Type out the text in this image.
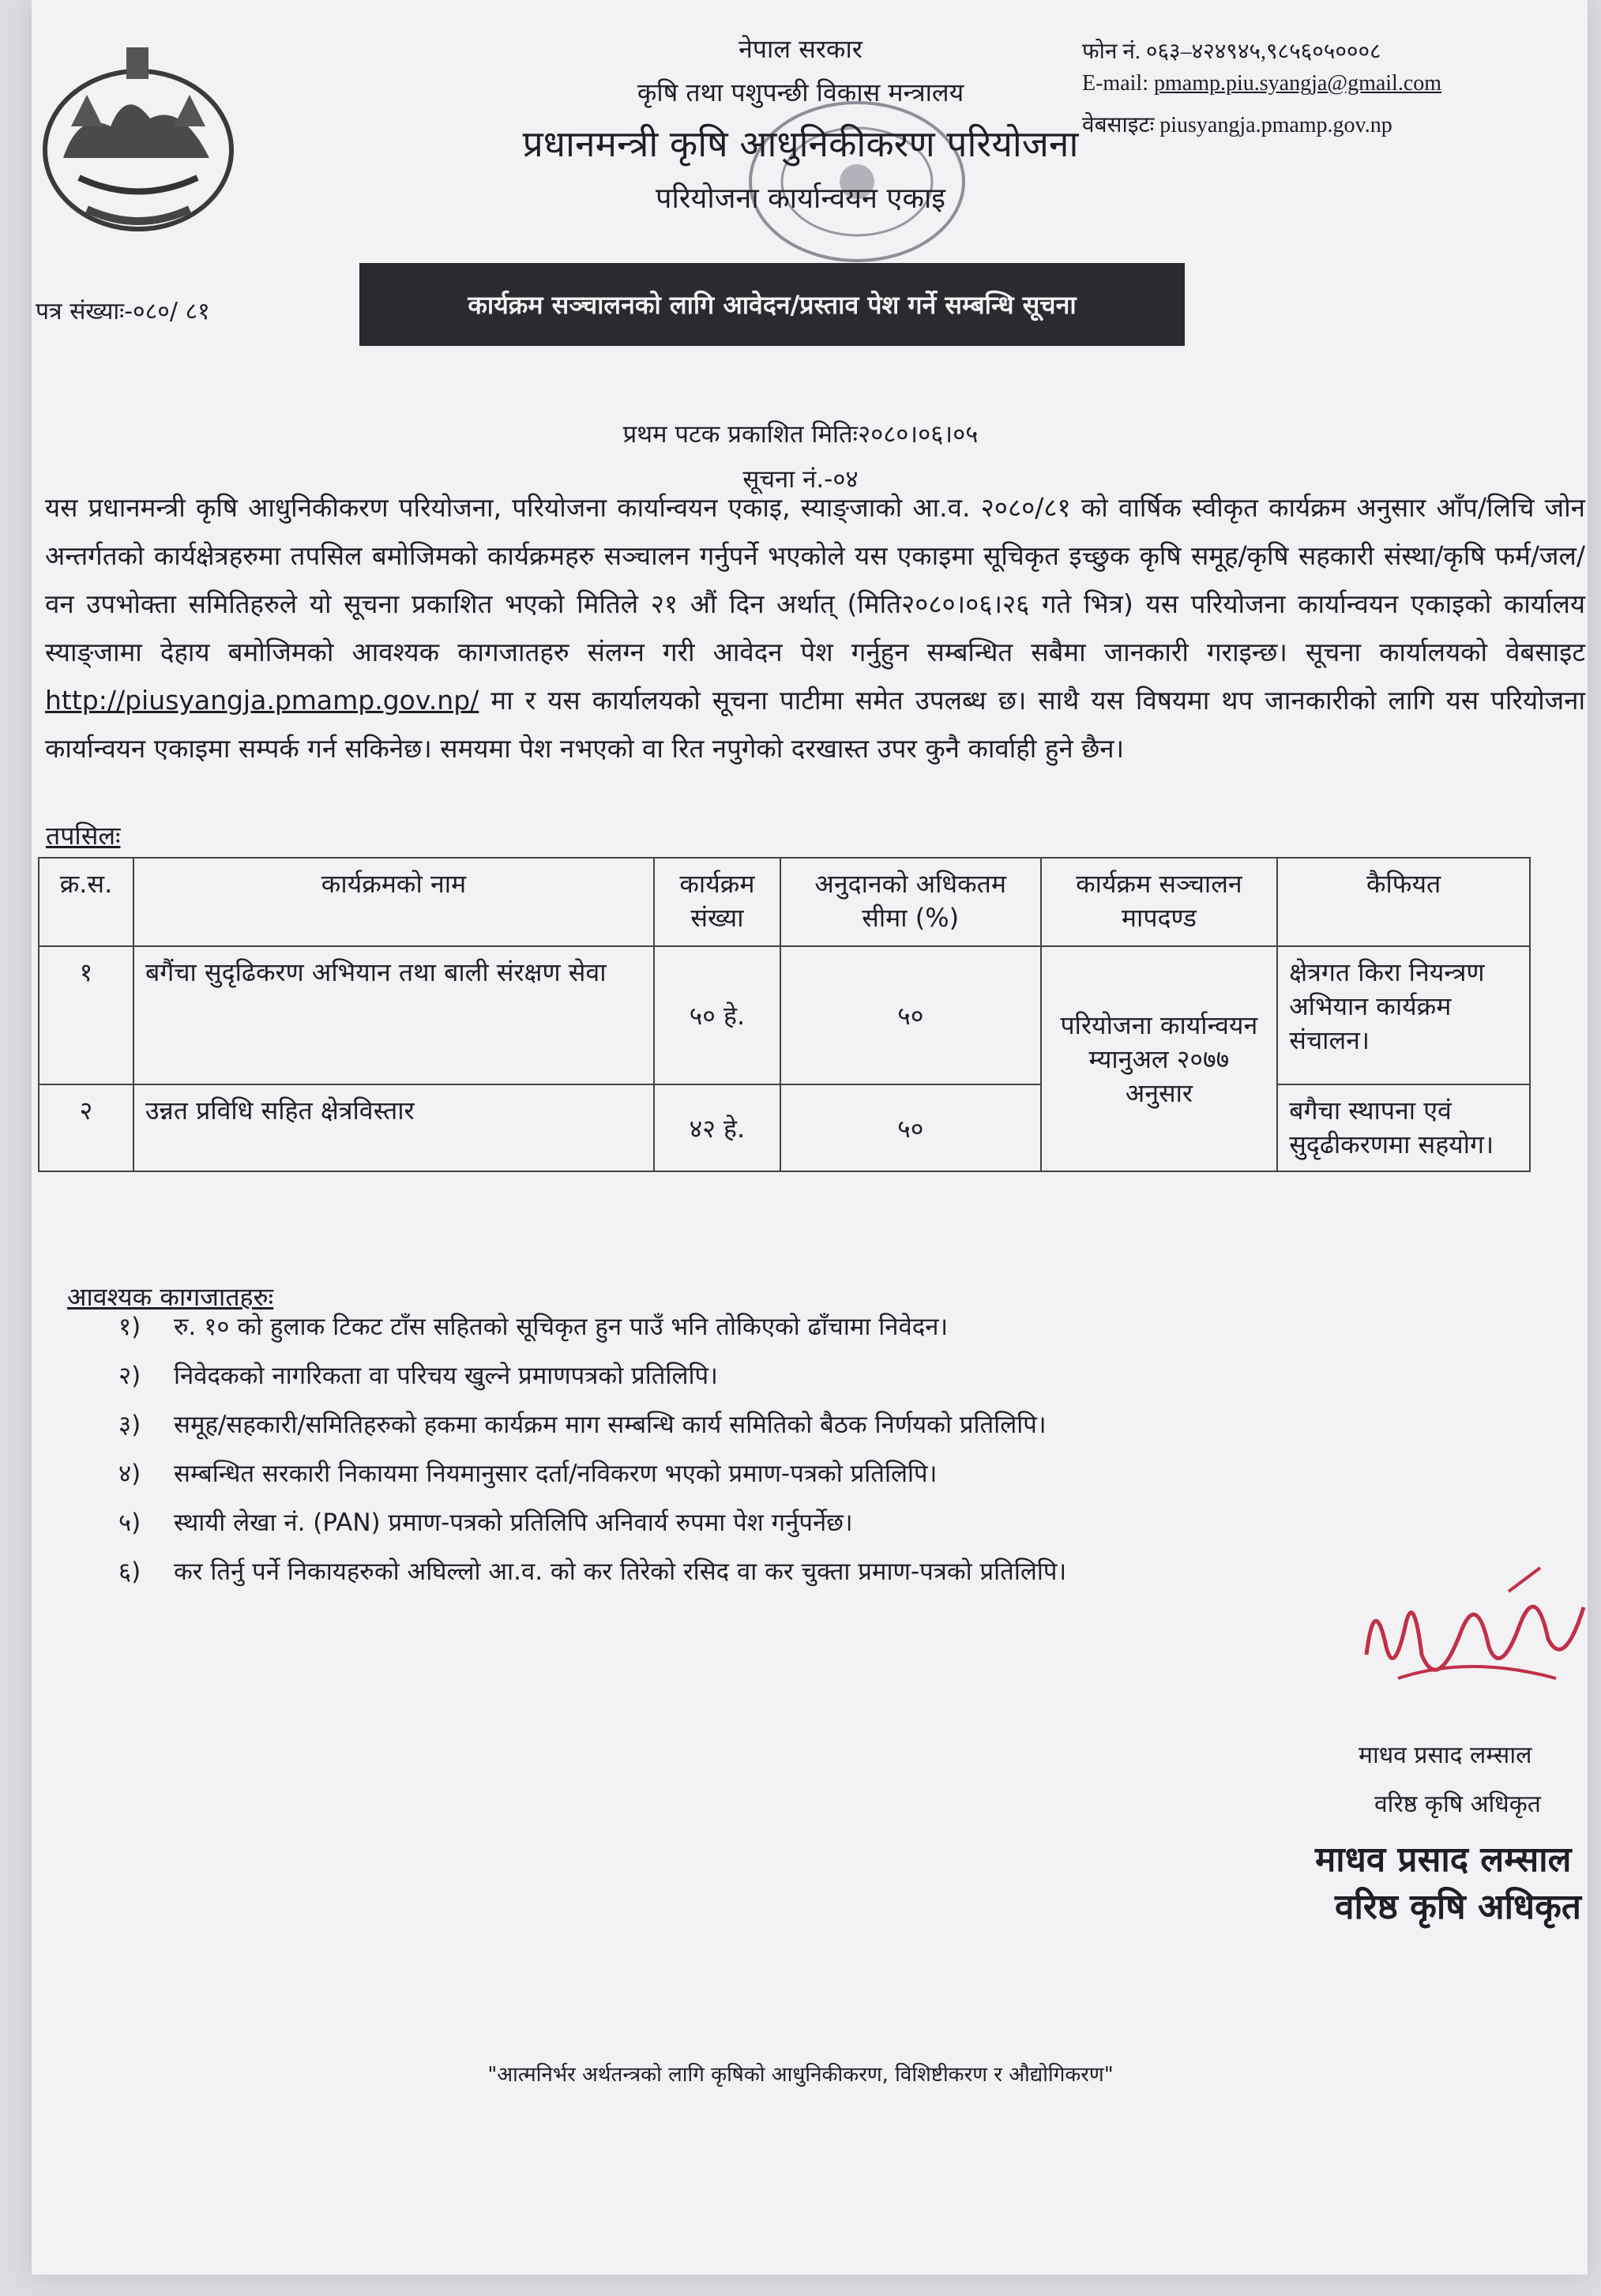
नेपाल सरकार
कृषि तथा पशुपन्छी विकास मन्त्रालय
प्रधानमन्त्री कृषि आधुनिकीकरण परियोजना
परियोजना कार्यान्वयन एकाइ
फोन नं. ०६३–४२४९४५,९८५६०५०००८
E-mail: pmamp.piu.syangja@gmail.com
वेबसाइटः piusyangja.pmamp.gov.np
पत्र संख्याः-०८०/ ८१	कार्यक्रम सञ्चालनको लागि आवेदन/प्रस्ताव पेश गर्ने सम्बन्धि सूचना
प्रथम पटक प्रकाशित मितिः२०८०।०६।०५
सूचना नं.-०४
यस प्रधानमन्त्री कृषि आधुनिकीकरण परियोजना, परियोजना कार्यान्वयन एकाइ, स्याङ्जाको आ.व. २०८०/८१ को वार्षिक स्वीकृत कार्यक्रम अनुसार आँप/लिचि जोन अन्तर्गतको कार्यक्षेत्रहरुमा तपसिल बमोजिमको कार्यक्रमहरु सञ्चालन गर्नुपर्ने भएकोले यस एकाइमा सूचिकृत इच्छुक कृषि समूह/कृषि सहकारी संस्था/कृषि फर्म/जल/वन उपभोक्ता समितिहरुले यो सूचना प्रकाशित भएको मितिले २१ औं दिन अर्थात् (मिति२०८०।०६।२६ गते भित्र) यस परियोजना कार्यान्वयन एकाइको कार्यालय स्याङ्जामा देहाय बमोजिमको आवश्यक कागजातहरु संलग्न गरी आवेदन पेश गर्नुहुन सम्बन्धित सबैमा जानकारी गराइन्छ। सूचना कार्यालयको वेबसाइट http://piusyangja.pmamp.gov.np/ मा र यस कार्यालयको सूचना पाटीमा समेत उपलब्ध छ। साथै यस विषयमा थप जानकारीको लागि यस परियोजना कार्यान्वयन एकाइमा सम्पर्क गर्न सकिनेछ। समयमा पेश नभएको वा रित नपुगेको दरखास्त उपर कुनै कार्वाही हुने छैन।
तपसिलः
क्र.स.	कार्यक्रमको नाम	कार्यक्रम संख्या	अनुदानको अधिकतम सीमा (%)	कार्यक्रम सञ्चालन मापदण्ड	कैफियत
१	बगैंचा सुदृढिकरण अभियान तथा बाली संरक्षण सेवा	५० हे.	५०	परियोजना कार्यान्वयन म्यानुअल २०७७ अनुसार	क्षेत्रगत किरा नियन्त्रण अभियान कार्यक्रम संचालन।
२	उन्नत प्रविधि सहित क्षेत्रविस्तार	४२ हे.	५०		बगैचा स्थापना एवं सुदृढीकरणमा सहयोग।
आवश्यक कागजातहरुः
१)	रु. १० को हुलाक टिकट टाँस सहितको सूचिकृत हुन पाउँ भनि तोकिएको ढाँचामा निवेदन।
२)	निवेदकको नागरिकता वा परिचय खुल्ने प्रमाणपत्रको प्रतिलिपि।
३)	समूह/सहकारी/समितिहरुको हकमा कार्यक्रम माग सम्बन्धि कार्य समितिको बैठक निर्णयको प्रतिलिपि।
४)	सम्बन्धित सरकारी निकायमा नियमानुसार दर्ता/नविकरण भएको प्रमाण-पत्रको प्रतिलिपि।
५)	स्थायी लेखा नं. (PAN) प्रमाण-पत्रको प्रतिलिपि अनिवार्य रुपमा पेश गर्नुपर्नेछ।
६)	कर तिर्नु पर्ने निकायहरुको अघिल्लो आ.व. को कर तिरेको रसिद वा कर चुक्ता प्रमाण-पत्रको प्रतिलिपि।
माधव प्रसाद लम्साल
वरिष्ठ कृषि अधिकृत
माधव प्रसाद लम्साल
वरिष्ठ कृषि अधिकृत
"आत्मनिर्भर अर्थतन्त्रको लागि कृषिको आधुनिकीकरण, विशिष्टीकरण र औद्योगिकरण"
